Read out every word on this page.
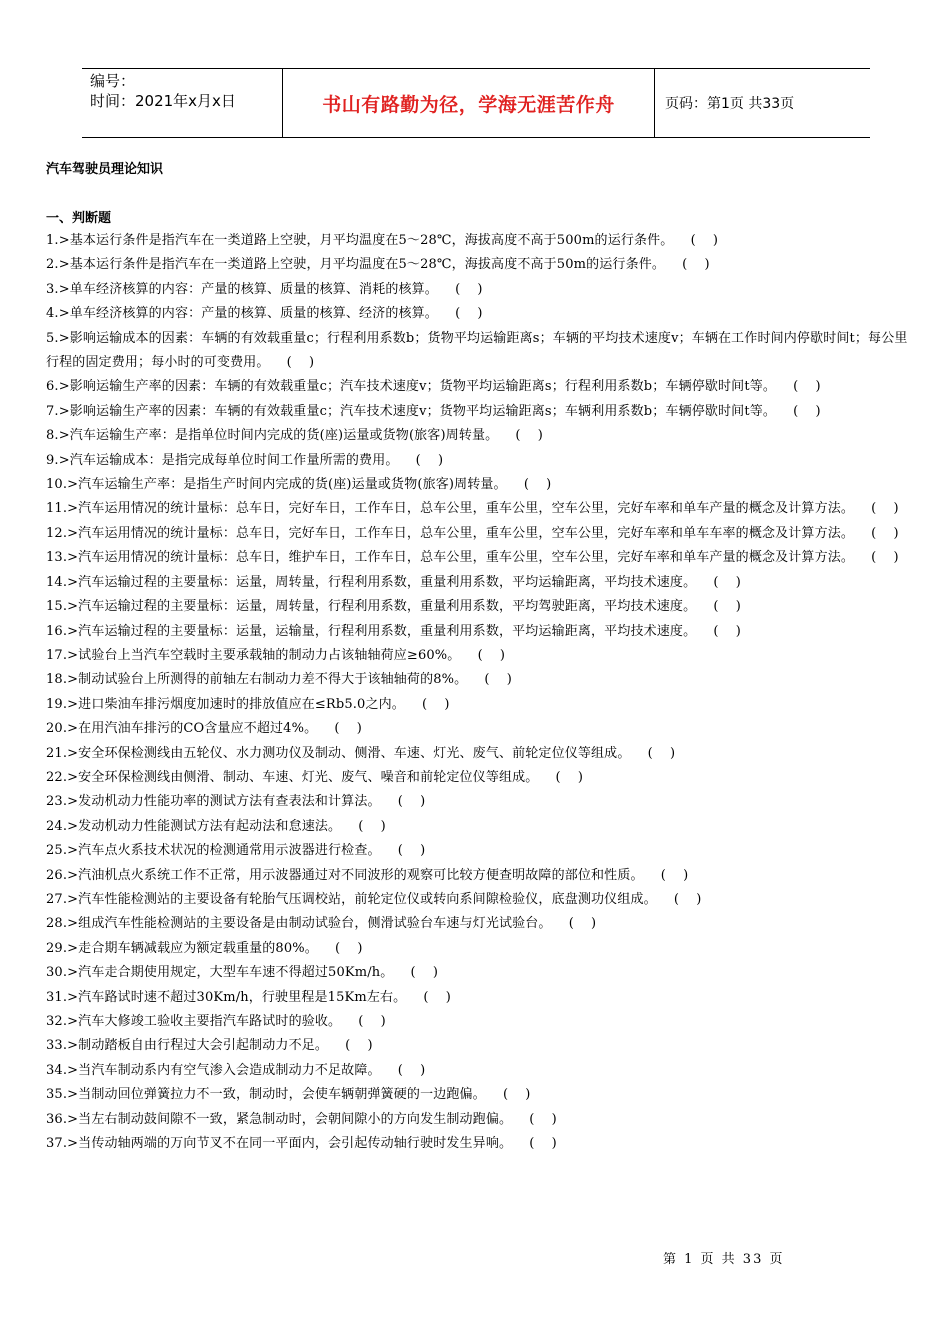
编号：
时间：2021年x月x日	书山有路勤为径，学海无涯苦作舟	页码：第1页 共33页
汽车驾驶员理论知识
一、判断题
1.>基本运行条件是指汽车在一类道路上空驶，月平均温度在5～28℃，海拔高度不高于500m的运行条件。    (    )
2.>基本运行条件是指汽车在一类道路上空驶，月平均温度在5～28℃，海拔高度不高于50m的运行条件。    (    )
3.>单车经济核算的内容：产量的核算、质量的核算、消耗的核算。    (    )
4.>单车经济核算的内容：产量的核算、质量的核算、经济的核算。    (    )
5.>影响运输成本的因素：车辆的有效载重量c；行程利用系数b；货物平均运输距离s；车辆的平均技术速度v；车辆在工作时间内停歇时间t；每公里行程的固定费用；每小时的可变费用。    (    )
6.>影响运输生产率的因素：车辆的有效载重量c；汽车技术速度v；货物平均运输距离s；行程利用系数b；车辆停歇时间t等。    (    )
7.>影响运输生产率的因素：车辆的有效载重量c；汽车技术速度v；货物平均运输距离s；车辆利用系数b；车辆停歇时间t等。    (    )
8.>汽车运输生产率：是指单位时间内完成的货(座)运量或货物(旅客)周转量。    (    )
9.>汽车运输成本：是指完成每单位时间工作量所需的费用。    (    )
10.>汽车运输生产率：是指生产时间内完成的货(座)运量或货物(旅客)周转量。    (    )
11.>汽车运用情况的统计量标：总车日，完好车日，工作车日，总车公里，重车公里，空车公里，完好车率和单车产量的概念及计算方法。    (    )
12.>汽车运用情况的统计量标：总车日，完好车日，工作车日，总车公里，重车公里，空车公里，完好车率和单车车率的概念及计算方法。    (    )
13.>汽车运用情况的统计量标：总车日，维护车日，工作车日，总车公里，重车公里，空车公里，完好车率和单车产量的概念及计算方法。    (    )
14.>汽车运输过程的主要量标：运量，周转量，行程利用系数，重量利用系数，平均运输距离，平均技术速度。    (    )
15.>汽车运输过程的主要量标：运量，周转量，行程利用系数，重量利用系数，平均驾驶距离，平均技术速度。    (    )
16.>汽车运输过程的主要量标：运量，运输量，行程利用系数，重量利用系数，平均运输距离，平均技术速度。    (    )
17.>试验台上当汽车空载时主要承载轴的制动力占该轴轴荷应≥60%。    (    )
18.>制动试验台上所测得的前轴左右制动力差不得大于该轴轴荷的8%。    (    )
19.>进口柴油车排污烟度加速时的排放值应在≤Rb5.0之内。    (    )
20.>在用汽油车排污的CO含量应不超过4%。    (    )
21.>安全环保检测线由五轮仪、水力测功仪及制动、侧滑、车速、灯光、废气、前轮定位仪等组成。    (    )
22.>安全环保检测线由侧滑、制动、车速、灯光、废气、噪音和前轮定位仪等组成。    (    )
23.>发动机动力性能功率的测试方法有查表法和计算法。    (    )
24.>发动机动力性能测试方法有起动法和怠速法。    (    )
25.>汽车点火系技术状况的检测通常用示波器进行检查。    (    )
26.>汽油机点火系统工作不正常，用示波器通过对不同波形的观察可比较方便查明故障的部位和性质。    (    )
27.>汽车性能检测站的主要设备有轮胎气压调校站，前轮定位仪或转向系间隙检验仪，底盘测功仪组成。    (    )
28.>组成汽车性能检测站的主要设备是由制动试验台，侧滑试验台车速与灯光试验台。    (    )
29.>走合期车辆减载应为额定载重量的80%。    (    )
30.>汽车走合期使用规定，大型车车速不得超过50Km/h。    (    )
31.>汽车路试时速不超过30Km/h，行驶里程是15Km左右。    (    )
32.>汽车大修竣工验收主要指汽车路试时的验收。    (    )
33.>制动踏板自由行程过大会引起制动力不足。    (    )
34.>当汽车制动系内有空气渗入会造成制动力不足故障。    (    )
35.>当制动回位弹簧拉力不一致，制动时，会使车辆朝弹簧硬的一边跑偏。    (    )
36.>当左右制动鼓间隙不一致，紧急制动时，会朝间隙小的方向发生制动跑偏。    (    )
37.>当传动轴两端的万向节叉不在同一平面内，会引起传动轴行驶时发生异响。    (    )
第 1 页 共 33 页
